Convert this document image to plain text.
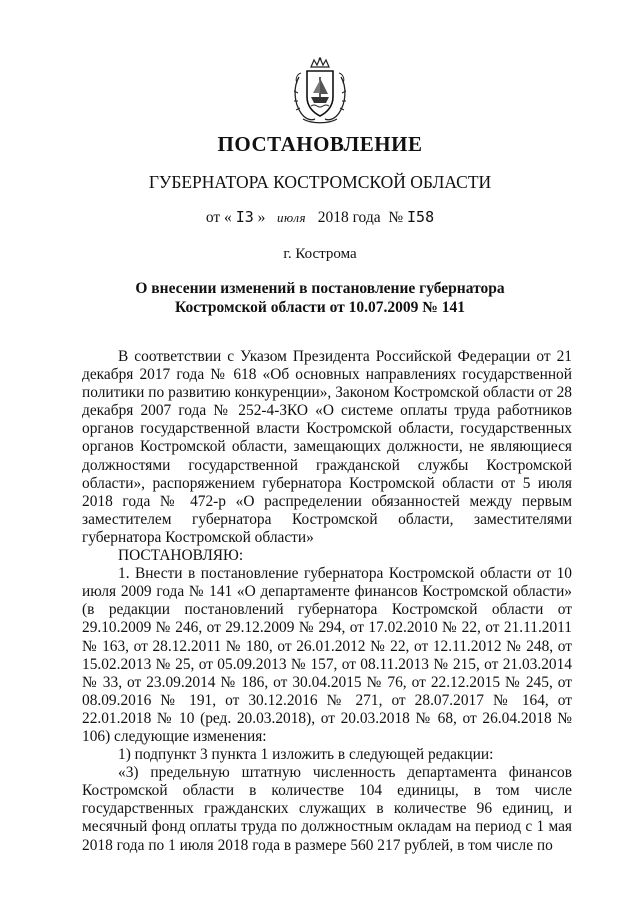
ПОСТАНОВЛЕНИЕ
ГУБЕРНАТОРА КОСТРОМСКОЙ ОБЛАСТИ
от « I3 » июля 2018 года № I58
г. Кострома
О внесении изменений в постановление губернатора
Костромской области от 10.07.2009 № 141

В соответствии с Указом Президента Российской Федерации от 21 декабря 2017 года № 618 «Об основных направлениях государственной политики по развитию конкуренции», Законом Костромской области от 28 декабря 2007 года № 252-4-ЗКО «О системе оплаты труда работников органов государственной власти Костромской области, государственных органов Костромской области, замещающих должности, не являющиеся должностями государственной гражданской службы Костромской области», распоряжением губернатора Костромской области от 5 июля 2018 года № 472-р «О распределении обязанностей между первым заместителем губернатора Костромской области, заместителями губернатора Костромской области»

ПОСТАНОВЛЯЮ:

1. Внести в постановление губернатора Костромской области от 10 июля 2009 года № 141 «О департаменте финансов Костромской области» (в редакции постановлений губернатора Костромской области от 29.10.2009 № 246, от 29.12.2009 № 294, от 17.02.2010 № 22, от 21.11.2011 № 163, от 28.12.2011 № 180, от 26.01.2012 № 22, от 12.11.2012 № 248, от 15.02.2013 № 25, от 05.09.2013 № 157, от 08.11.2013 № 215, от 21.03.2014 № 33, от 23.09.2014 № 186, от 30.04.2015 № 76, от 22.12.2015 № 245, от 08.09.2016 № 191, от 30.12.2016 № 271, от 28.07.2017 № 164, от 22.01.2018 № 10 (ред. 20.03.2018), от 20.03.2018 № 68, от 26.04.2018 № 106) следующие изменения:

1) подпункт 3 пункта 1 изложить в следующей редакции:

«3) предельную штатную численность департамента финансов Костромской области в количестве 104 единицы, в том числе государственных гражданских служащих в количестве 96 единиц, и месячный фонд оплаты труда по должностным окладам на период с 1 мая 2018 года по 1 июля 2018 года в размере 560 217 рублей, в том числе по
